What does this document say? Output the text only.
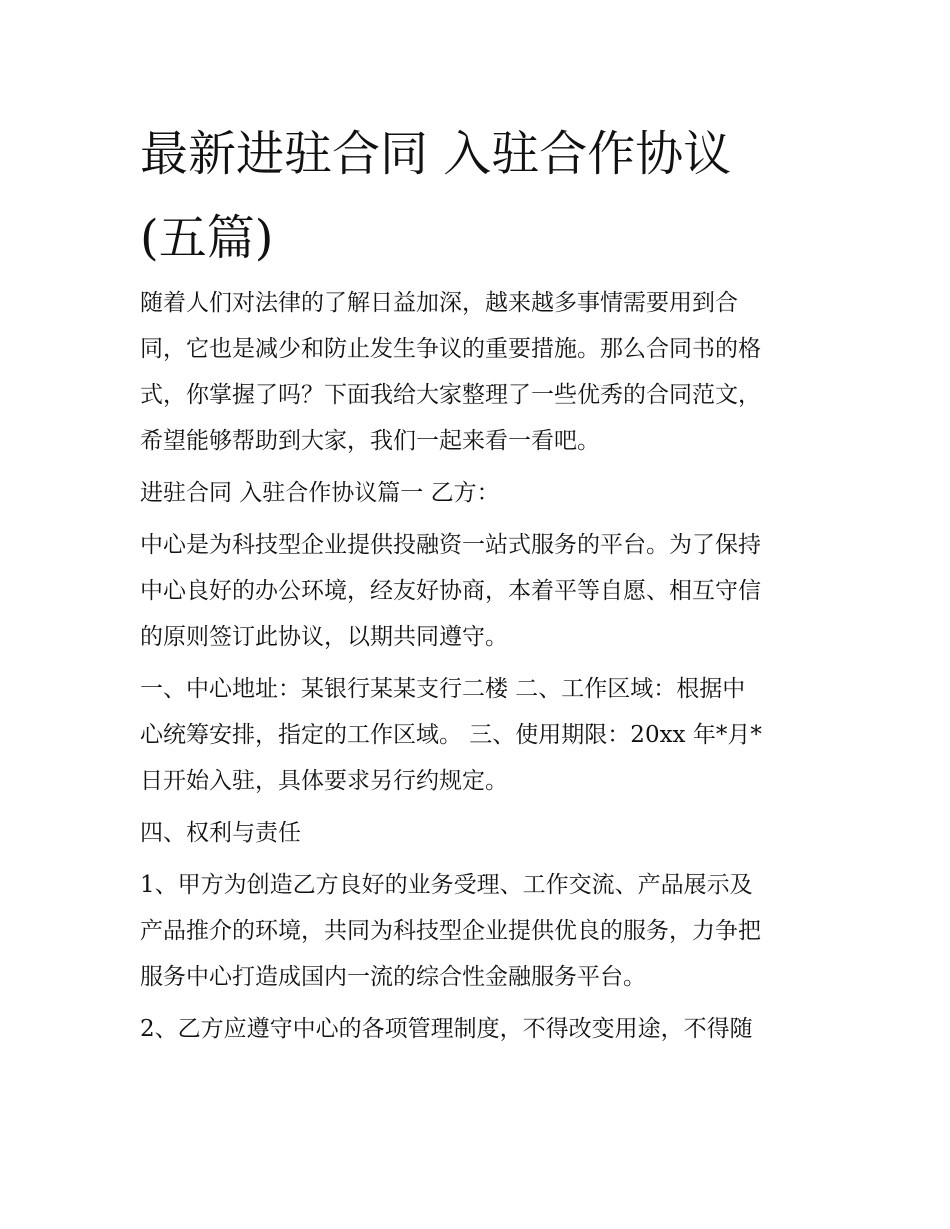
最新进驻合同 入驻合作协议
(五篇)

随着人们对法律的了解日益加深，越来越多事情需要用到合
同，它也是减少和防止发生争议的重要措施。那么合同书的格
式，你掌握了吗？下面我给大家整理了一些优秀的合同范文，
希望能够帮助到大家，我们一起来看一看吧。

进驻合同 入驻合作协议篇一 乙方：

中心是为科技型企业提供投融资一站式服务的平台。为了保持
中心良好的办公环境，经友好协商，本着平等自愿、相互守信
的原则签订此协议，以期共同遵守。

一、中心地址：某银行某某支行二楼 二、工作区域：根据中
心统筹安排，指定的工作区域。 三、使用期限：20xx 年*月*
日开始入驻，具体要求另行约规定。

四、权利与责任

1、甲方为创造乙方良好的业务受理、工作交流、产品展示及
产品推介的环境，共同为科技型企业提供优良的服务，力争把
服务中心打造成国内一流的综合性金融服务平台。

2、乙方应遵守中心的各项管理制度，不得改变用途，不得随
